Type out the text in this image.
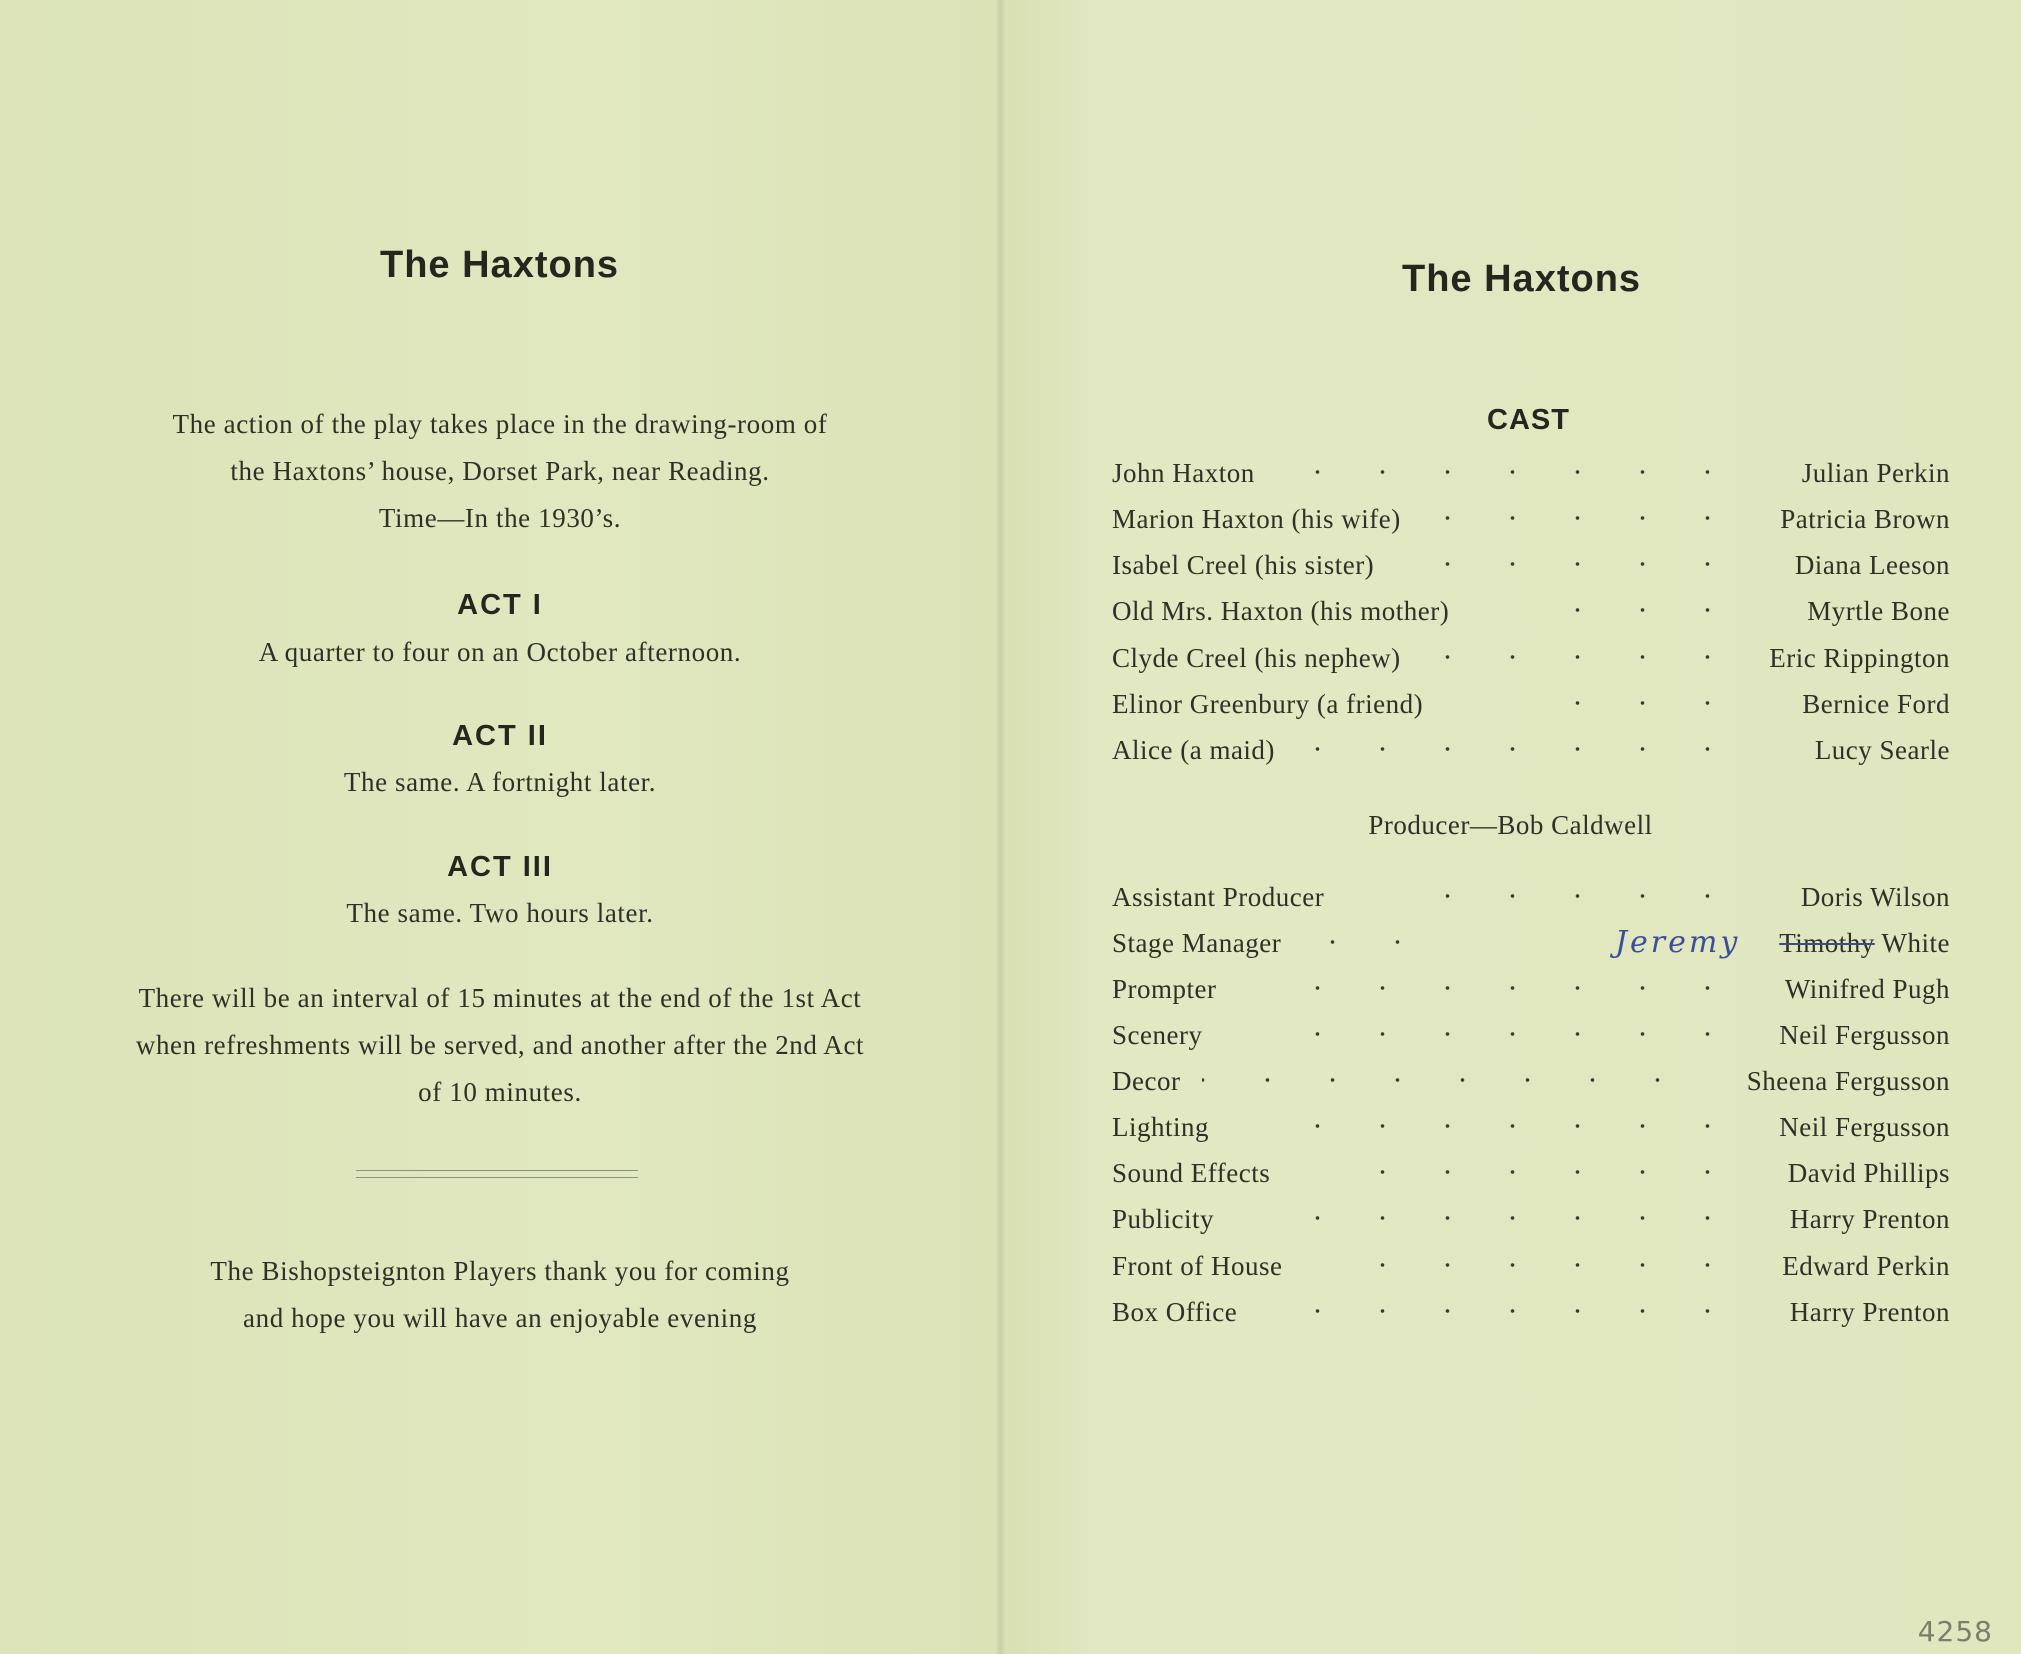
The Haxtons
The action of the play takes place in the drawing-room of
the Haxtons’ house, Dorset Park, near Reading.
Time—In the 1930’s.
ACT I
A quarter to four on an October afternoon.
ACT II
The same. A fortnight later.
ACT III
The same. Two hours later.
There will be an interval of 15 minutes at the end of the 1st Act
when refreshments will be served, and another after the 2nd Act
of 10 minutes.
The Bishopsteignton Players thank you for coming
and hope you will have an enjoyable evening
The Haxtons
CAST
John Haxton	Julian Perkin
Marion Haxton (his wife)	Patricia Brown
Isabel Creel (his sister)	Diana Leeson
Old Mrs. Haxton (his mother)	Myrtle Bone
Clyde Creel (his nephew)	Eric Rippington
Elinor Greenbury (a friend)	Bernice Ford
Alice (a maid)	Lucy Searle
Producer—Bob Caldwell
Assistant Producer	Doris Wilson
Stage Manager	Timothy White
Prompter	Winifred Pugh
Scenery	Neil Fergusson
Decor	Sheena Fergusson
Lighting	Neil Fergusson
Sound Effects	David Phillips
Publicity	Harry Prenton
Front of House	Edward Perkin
Box Office	Harry Prenton
Jeremy
4258
